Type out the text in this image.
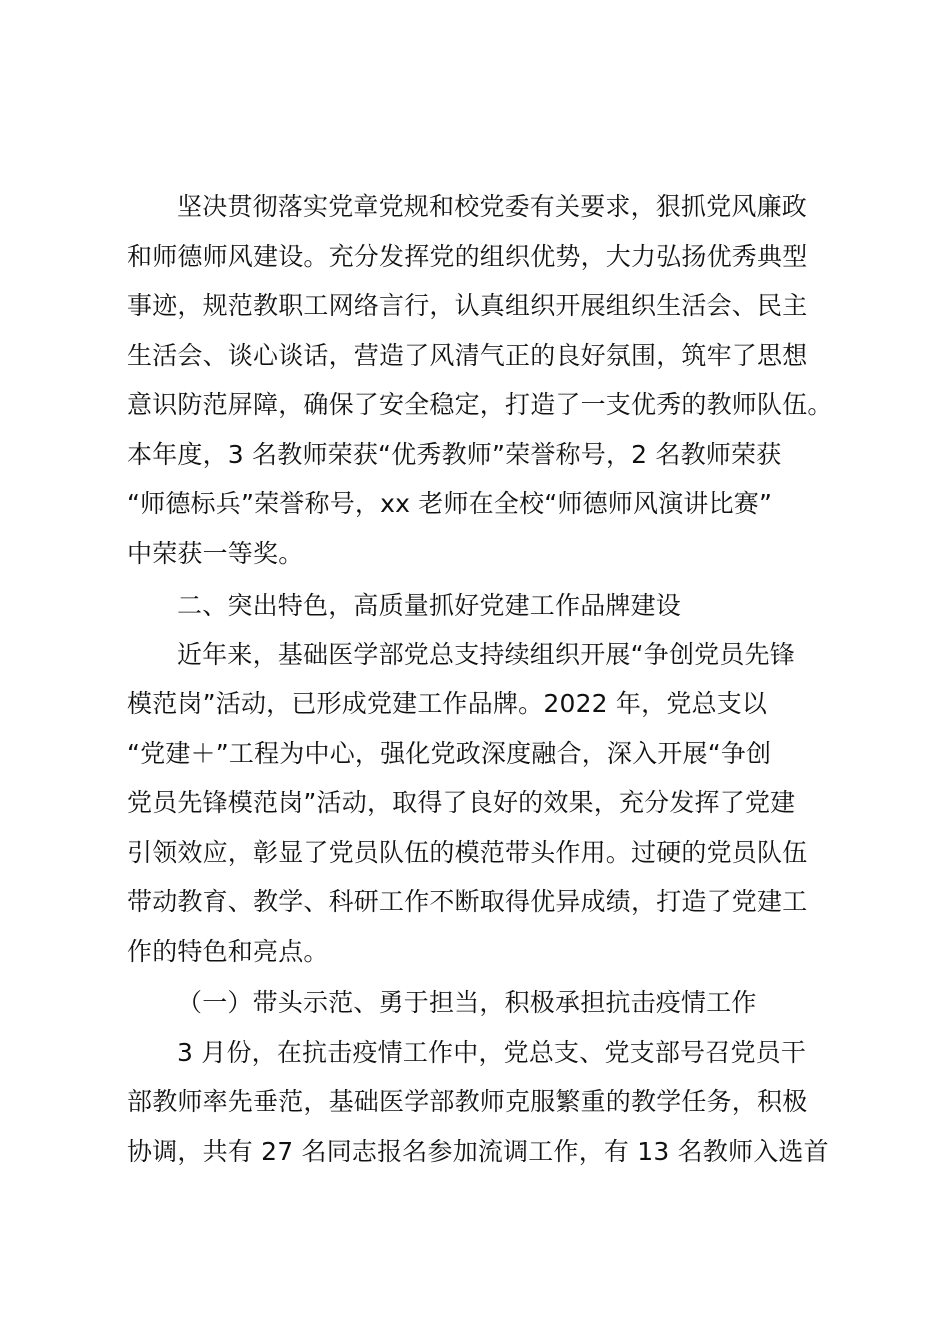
坚决贯彻落实党章党规和校党委有关要求，狠抓党风廉政
和师德师风建设。充分发挥党的组织优势，大力弘扬优秀典型
事迹，规范教职工网络言行，认真组织开展组织生活会、民主
生活会、谈心谈话，营造了风清气正的良好氛围，筑牢了思想
意识防范屏障，确保了安全稳定，打造了一支优秀的教师队伍。
本年度，3 名教师荣获“优秀教师”荣誉称号，2 名教师荣获
“师德标兵”荣誉称号，xx 老师在全校“师德师风演讲比赛”
中荣获一等奖。
二、突出特色，高质量抓好党建工作品牌建设
近年来，基础医学部党总支持续组织开展“争创党员先锋
模范岗”活动，已形成党建工作品牌。2022 年，党总支以
“党建＋”工程为中心，强化党政深度融合，深入开展“争创
党员先锋模范岗”活动，取得了良好的效果，充分发挥了党建
引领效应，彰显了党员队伍的模范带头作用。过硬的党员队伍
带动教育、教学、科研工作不断取得优异成绩，打造了党建工
作的特色和亮点。
（一）带头示范、勇于担当，积极承担抗击疫情工作
3 月份，在抗击疫情工作中，党总支、党支部号召党员干
部教师率先垂范，基础医学部教师克服繁重的教学任务，积极
协调，共有 27 名同志报名参加流调工作，有 13 名教师入选首
